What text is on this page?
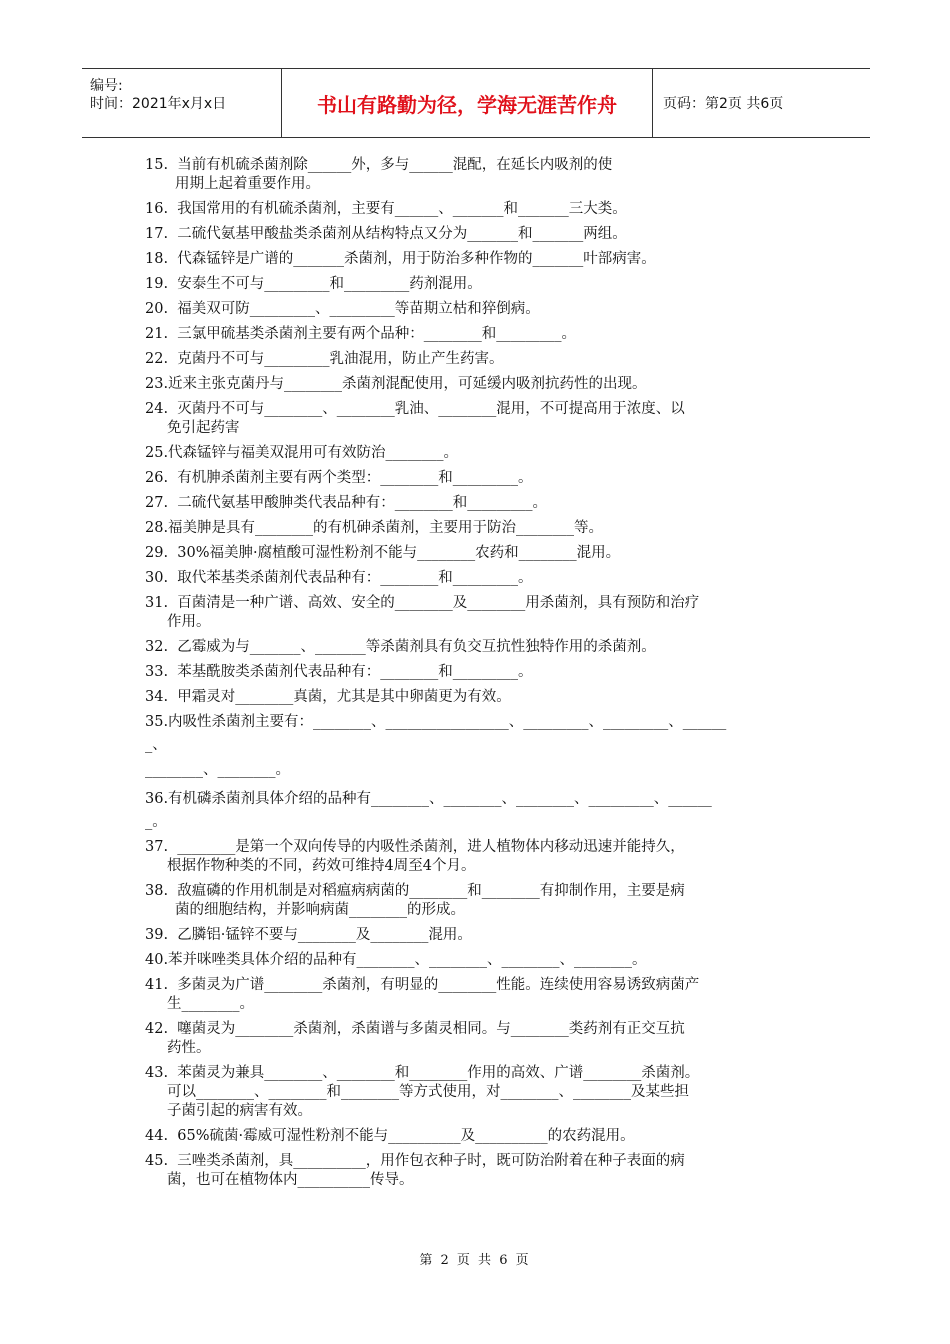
编号:
时间：2021年x月x日	书山有路勤为径，学海无涯苦作舟	页码：第2页 共6页
15.  当前有机硫杀菌剂除______外，多与______混配，在延长内吸剂的使
用期上起着重要作用。
16.  我国常用的有机硫杀菌剂，主要有______、_______和_______三大类。
17.  二硫代氨基甲酸盐类杀菌剂从结构特点又分为_______和_______两组。
18.  代森锰锌是广谱的_______杀菌剂，用于防治多种作物的_______叶部病害。
19.  安泰生不可与_________和_________药剂混用。
20.  福美双可防_________、_________等苗期立枯和猝倒病。
21.  三氯甲硫基类杀菌剂主要有两个品种：________和_________。
22.  克菌丹不可与_________乳油混用，防止产生药害。
23.近来主张克菌丹与________杀菌剂混配使用，可延缓内吸剂抗药性的出现。
24.  灭菌丹不可与________、________乳油、________混用，不可提高用于浓度、以
免引起药害
25.代森锰锌与福美双混用可有效防治________。
26.  有机胂杀菌剂主要有两个类型：________和_________。
27.  二硫代氨基甲酸胂类代表品种有：________和_________。
28.福美胂是具有________的有机砷杀菌剂，主要用于防治________等。
29.  30%福美胂·腐植酸可湿性粉剂不能与________农药和________混用。
30.  取代苯基类杀菌剂代表品种有：________和_________。
31.  百菌清是一种广谱、高效、安全的________及________用杀菌剂，具有预防和治疗
作用。
32.  乙霉威为与_______、_______等杀菌剂具有负交互抗性独特作用的杀菌剂。
33.  苯基酰胺类杀菌剂代表品种有：________和_________。
34.  甲霜灵对________真菌，尤其是其中卵菌更为有效。
35.内吸性杀菌剂主要有：________、_________________、_________、_________、______
_、
________、________。
36.有机磷杀菌剂具体介绍的品种有________、________、________、_________、______
_。
37.  ________是第一个双向传导的内吸性杀菌剂，进人植物体内移动迅速并能持久，
根据作物种类的不同，药效可维持4周至4个月。
38.  敌瘟磷的作用机制是对稻瘟病病菌的________和________有抑制作用，主要是病
菌的细胞结构，并影响病菌________的形成。
39.  乙膦铝·锰锌不要与________及________混用。
40.苯并咪唑类具体介绍的品种有________、________、________、________。
41.  多菌灵为广谱________杀菌剂，有明显的________性能。连续使用容易诱致病菌产
生________。
42.  噻菌灵为________杀菌剂，杀菌谱与多菌灵相同。与________类药剂有正交互抗
药性。
43.  苯菌灵为兼具________、________和________作用的高效、广谱________杀菌剂。
可以________、________和________等方式使用，对________、________及某些担
子菌引起的病害有效。
44.  65%硫菌·霉威可湿性粉剂不能与__________及__________的农药混用。
45.  三唑类杀菌剂，具__________，用作包衣种子时，既可防治附着在种子表面的病
菌，也可在植物体内__________传导。
第 2 页 共 6 页
